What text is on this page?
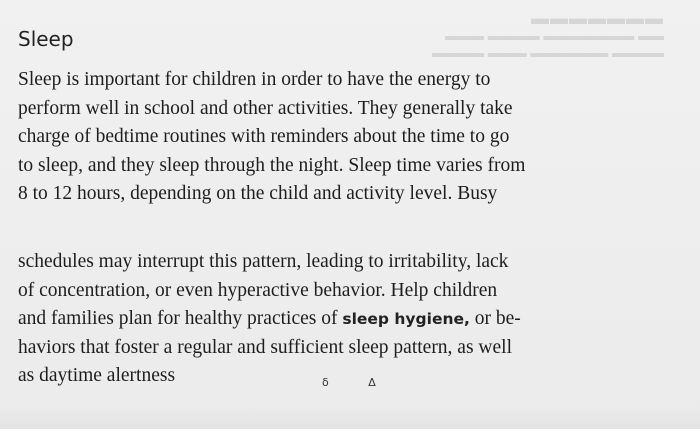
▬▬▬▬▬▬▬
▬▬▬ ▬▬▬▬ ▬▬▬▬▬▬▬ ▬▬
▬▬▬▬ ▬▬▬ ▬▬▬▬▬▬ ▬▬▬▬
Sleep

Sleep is important for children in order to have the energy to
perform well in school and other activities. They generally take
charge of bedtime routines with reminders about the time to go
to sleep, and they sleep through the night. Sleep time varies from
8 to 12 hours, depending on the child and activity level. Busy

schedules may interrupt this pattern, leading to irritability, lack
of concentration, or even hyperactive behavior. Help children
and families plan for healthy practices of sleep hygiene, or be-
haviors that foster a regular and sufficient sleep pattern, as well
as daytime alertness	δ Δ
